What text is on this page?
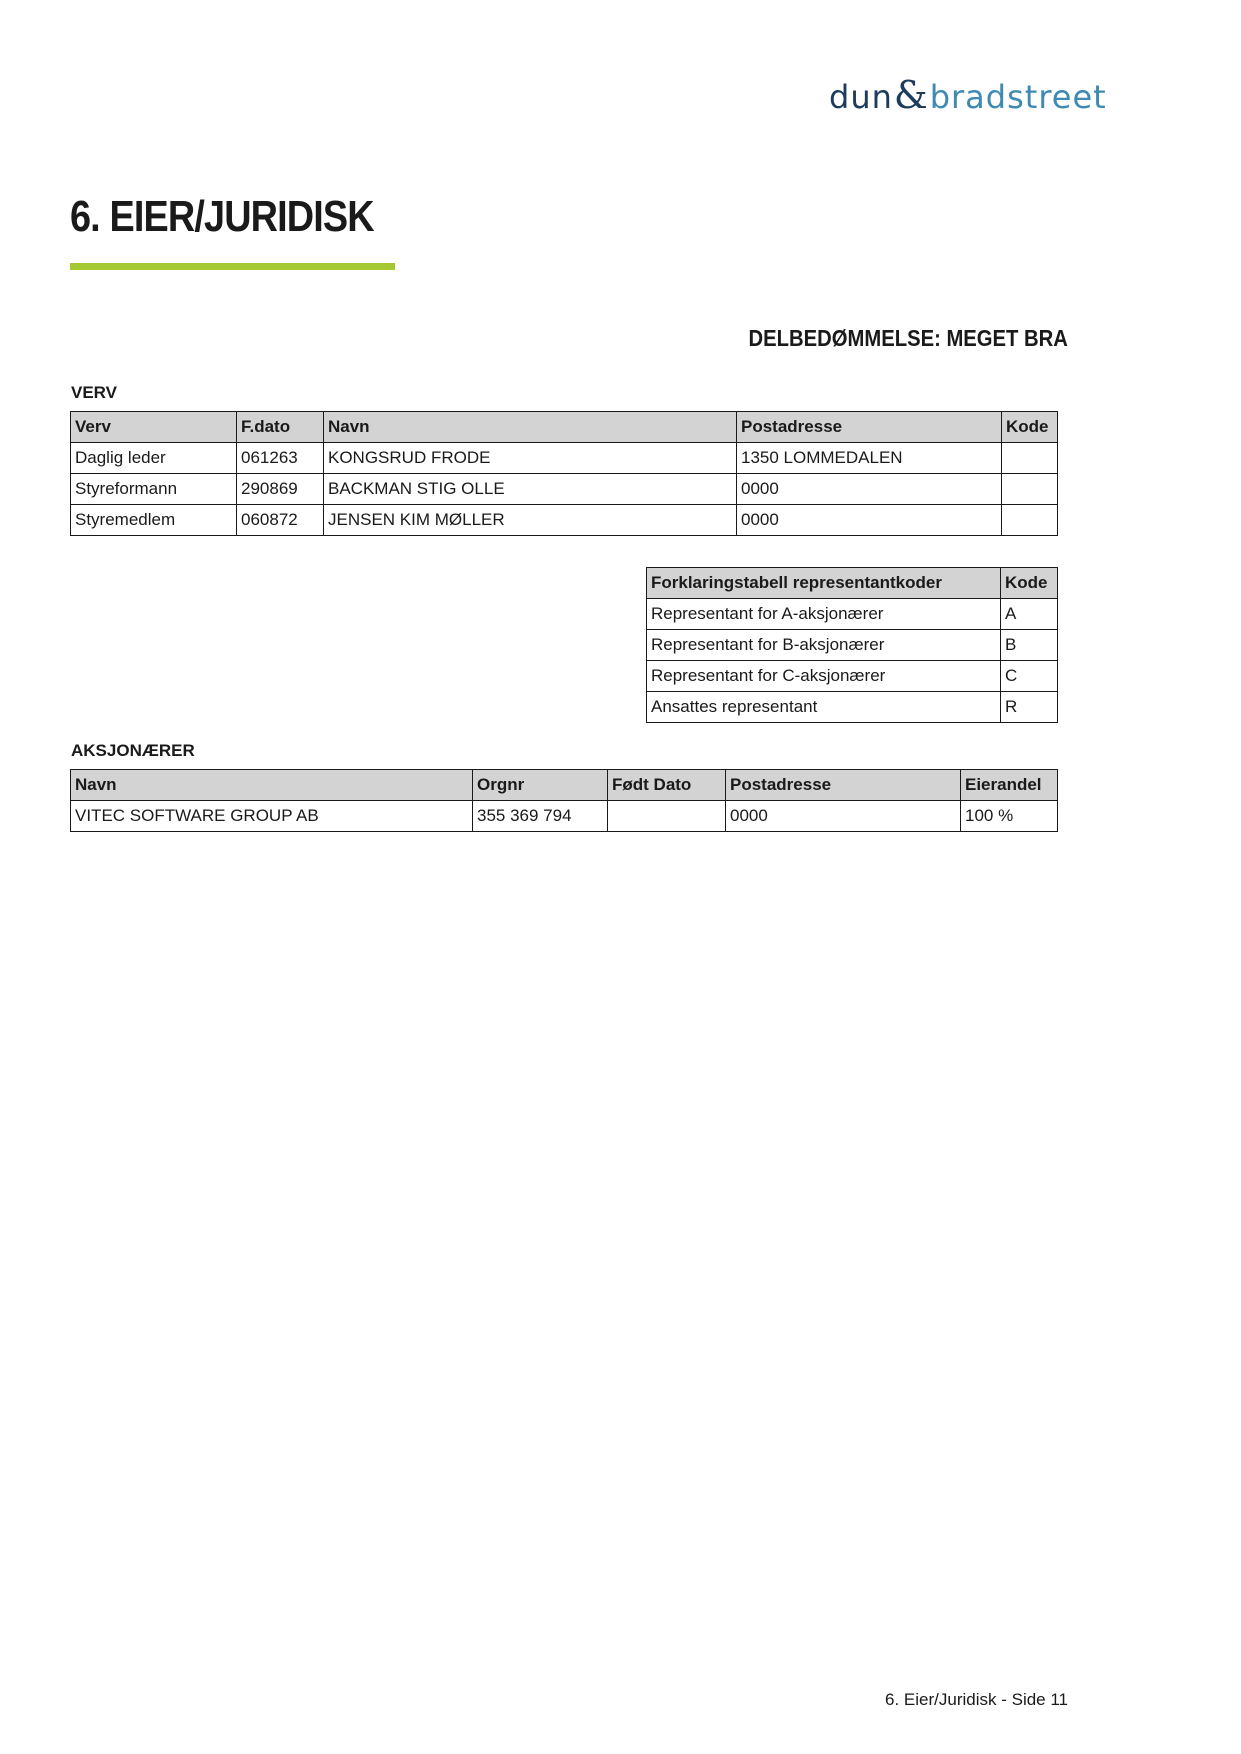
dun&bradstreet
6. EIER/JURIDISK
DELBEDØMMELSE: MEGET BRA
VERV
Verv	F.dato	Navn	Postadresse	Kode
Daglig leder	061263	KONGSRUD FRODE	1350 LOMMEDALEN	
Styreformann	290869	BACKMAN STIG OLLE	0000	
Styremedlem	060872	JENSEN KIM MØLLER	0000	
Forklaringstabell representantkoder	Kode
Representant for A-aksjonærer	A
Representant for B-aksjonærer	B
Representant for C-aksjonærer	C
Ansattes representant	R
AKSJONÆRER
Navn	Orgnr	Født Dato	Postadresse	Eierandel
VITEC SOFTWARE GROUP AB	355 369 794		0000	100 %
6. Eier/Juridisk - Side 11
